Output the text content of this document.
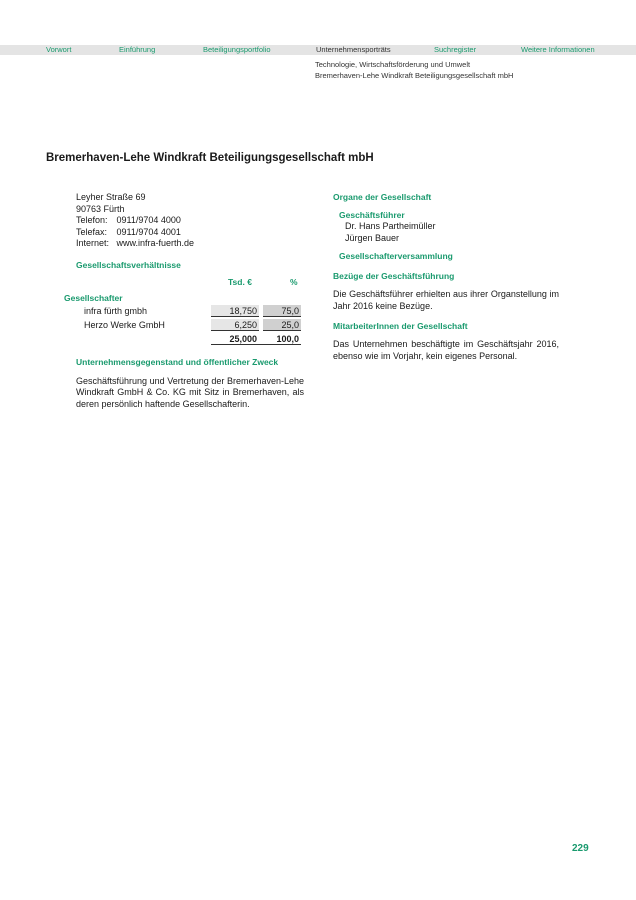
Vorwort	Einführung	Beteiligungsportfolio	Unternehmensporträts	Suchregister	Weitere Informationen
Technologie, Wirtschaftsförderung und Umwelt
Bremerhaven-Lehe Windkraft Beteiligungsgesellschaft mbH
Bremerhaven-Lehe Windkraft Beteiligungsgesellschaft mbH
Leyher Straße 69
90763 Fürth
Telefon: 0911/9704 4000
Telefax: 0911/9704 4001
Internet: www.infra-fuerth.de
Gesellschaftsverhältnisse
Tsd. €	%
Gesellschafter
infra fürth gmbh	18,750	75,0
Herzo Werke GmbH	6,250	25,0
25,000	100,0
Unternehmensgegenstand und öffentlicher Zweck

Geschäftsführung und Vertretung der Bremerhaven-Lehe Windkraft GmbH & Co. KG mit Sitz in Bremerhaven, als deren persönlich haftende Gesellschafterin.

Organe der Gesellschaft
Geschäftsführer
Dr. Hans Partheimüller
Jürgen Bauer
Gesellschafterversammlung
Bezüge der Geschäftsführung

Die Geschäftsführer erhielten aus ihrer Organstellung im Jahr 2016 keine Bezüge.

MitarbeiterInnen der Gesellschaft

Das Unternehmen beschäftigte im Geschäftsjahr 2016, ebenso wie im Vorjahr, kein eigenes Personal.

229
